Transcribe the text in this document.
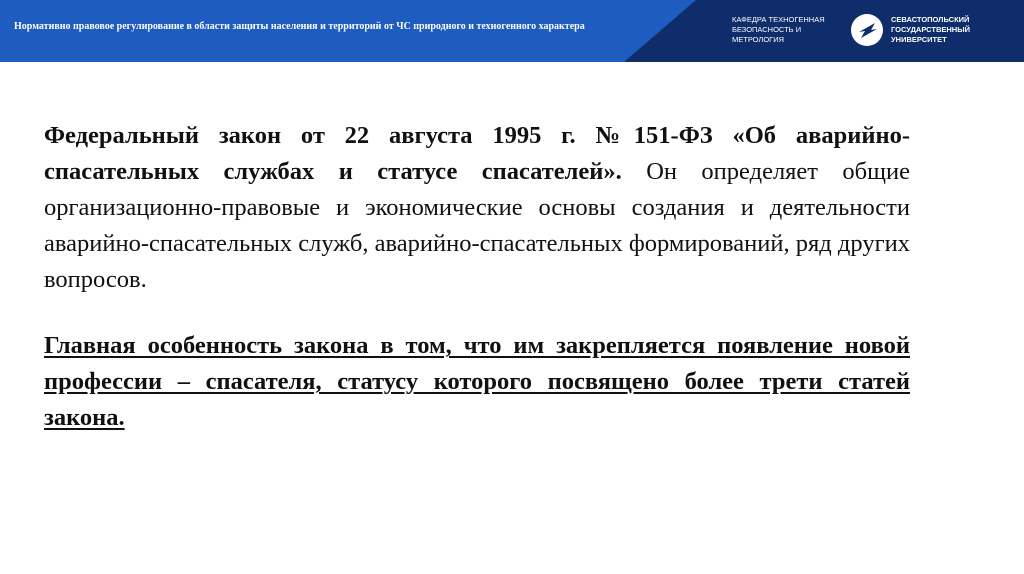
Нормативно правовое регулирование в области защиты населения и территорий от ЧС природного и техногенного характера
КАФЕДРА ТЕХНОГЕННАЯ
БЕЗОПАСНОСТЬ И
МЕТРОЛОГИЯ
СЕВАСТОПОЛЬСКИЙ
ГОСУДАРСТВЕННЫЙ
УНИВЕРСИТЕТ

Федеральный закон от 22 августа 1995 г. №151-ФЗ «Об аварийно-спасательных службах и статусе спасателей». Он определяет общие организационно-правовые и экономические основы создания и деятельности аварийно-спасательных служб, аварийно-спасательных формирований, ряд других вопросов.

Главная особенность закона в том, что им закрепляется появление новой профессии – спасателя, статусу которого посвящено более трети статей закона.
